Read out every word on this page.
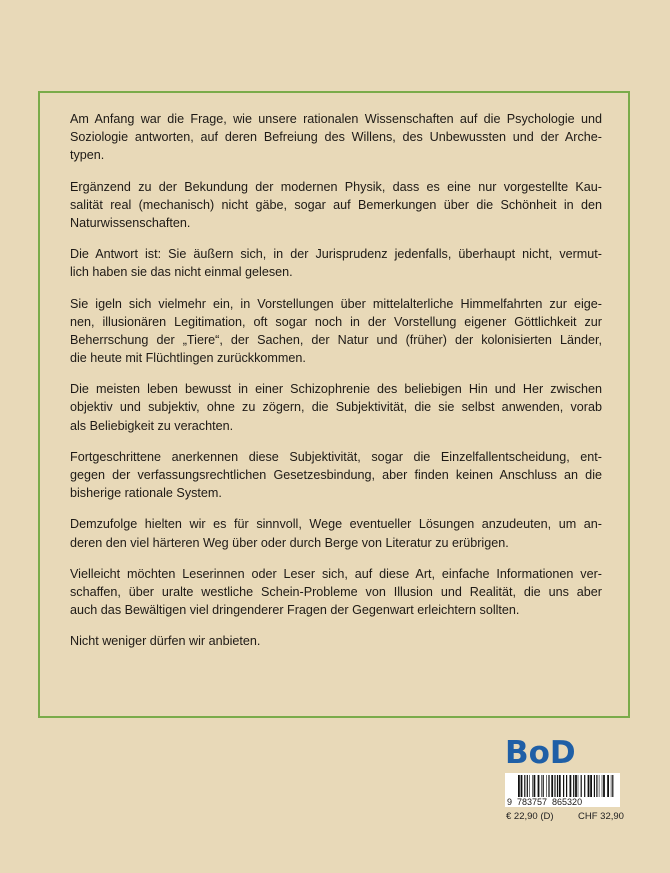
Am Anfang war die Frage, wie unsere rationalen Wissenschaften auf die Psychologie und
Soziologie antworten, auf deren Befreiung des Willens, des Unbewussten und der Arche-
typen.
Ergänzend zu der Bekundung der modernen Physik, dass es eine nur vorgestellte Kau-
salität real (mechanisch) nicht gäbe, sogar auf Bemerkungen über die Schönheit in den
Naturwissenschaften.
Die Antwort ist: Sie äußern sich, in der Jurisprudenz jedenfalls, überhaupt nicht, vermut-
lich haben sie das nicht einmal gelesen.
Sie igeln sich vielmehr ein, in Vorstellungen über mittelalterliche Himmelfahrten zur eige-
nen, illusionären Legitimation, oft sogar noch in der Vorstellung eigener Göttlichkeit zur
Beherrschung der „Tiere“, der Sachen, der Natur und (früher) der kolonisierten Länder,
die heute mit Flüchtlingen zurückkommen.
Die meisten leben bewusst in einer Schizophrenie des beliebigen Hin und Her zwischen
objektiv und subjektiv, ohne zu zögern, die Subjektivität, die sie selbst anwenden, vorab
als Beliebigkeit zu verachten.
Fortgeschrittene anerkennen diese Subjektivität, sogar die Einzelfallentscheidung, ent-
gegen der verfassungsrechtlichen Gesetzesbindung, aber finden keinen Anschluss an die
bisherige rationale System.
Demzufolge hielten wir es für sinnvoll, Wege eventueller Lösungen anzudeuten, um an-
deren den viel härteren Weg über oder durch Berge von Literatur zu erübrigen.
Vielleicht möchten Leserinnen oder Leser sich, auf diese Art, einfache Informationen ver-
schaffen, über uralte westliche Schein-Probleme von Illusion und Realität, die uns aber
auch das Bewältigen viel dringenderer Fragen der Gegenwart erleichtern sollten.
Nicht weniger dürfen wir anbieten.
BoD
9  783757  865320
€ 22,90 (D)	CHF 32,90
